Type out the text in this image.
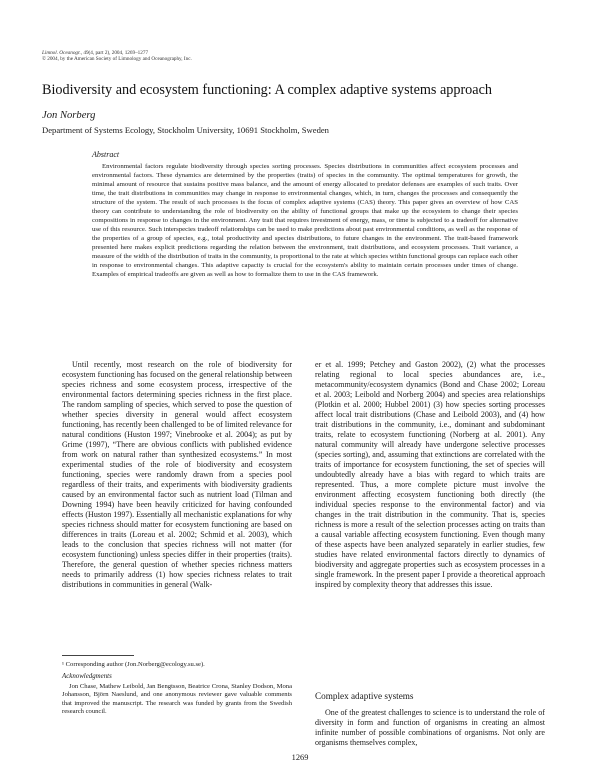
Limnol. Oceanogr., 49(4, part 2), 2004, 1269–1277
© 2004, by the American Society of Limnology and Oceanography, Inc.
Biodiversity and ecosystem functioning: A complex adaptive systems approach
Jon Norberg
Department of Systems Ecology, Stockholm University, 10691 Stockholm, Sweden
Abstract

Environmental factors regulate biodiversity through species sorting processes. Species distributions in communities affect ecosystem processes and environmental factors. These dynamics are determined by the properties (traits) of species in the community. The optimal temperatures for growth, the minimal amount of resource that sustains positive mass balance, and the amount of energy allocated to predator defenses are examples of such traits. Over time, the trait distributions in communities may change in response to environmental changes, which, in turn, changes the processes and consequently the structure of the system. The result of such processes is the focus of complex adaptive systems (CAS) theory. This paper gives an overview of how CAS theory can contribute to understanding the role of biodiversity on the ability of functional groups that make up the ecosystem to change their species compositions in response to changes in the environment. Any trait that requires investment of energy, mass, or time is subjected to a tradeoff for alternative use of this resource. Such interspecies tradeoff relationships can be used to make predictions about past environmental conditions, as well as the response of the properties of a group of species, e.g., total productivity and species distributions, to future changes in the environment. The trait-based framework presented here makes explicit predictions regarding the relation between the environment, trait distributions, and ecosystem processes. Trait variance, a measure of the width of the distribution of traits in the community, is proportional to the rate at which species within functional groups can replace each other in response to environmental changes. This adaptive capacity is crucial for the ecosystem's ability to maintain certain processes under times of change. Examples of empirical tradeoffs are given as well as how to formalize them to use in the CAS framework.

Until recently, most research on the role of biodiversity for ecosystem functioning has focused on the general relationship between species richness and some ecosystem process, irrespective of the environmental factors determining species richness in the first place. The random sampling of species, which served to pose the question of whether species diversity in general would affect ecosystem functioning, has recently been challenged to be of limited relevance for natural conditions (Huston 1997; Vinebrooke et al. 2004); as put by Grime (1997), “There are obvious conflicts with published evidence from work on natural rather than synthesized ecosystems.” In most experimental studies of the role of biodiversity and ecosystem functioning, species were randomly drawn from a species pool regardless of their traits, and experiments with biodiversity gradients caused by an environmental factor such as nutrient load (Tilman and Downing 1994) have been heavily criticized for having confounded effects (Huston 1997). Essentially all mechanistic explanations for why species richness should matter for ecosystem functioning are based on differences in traits (Loreau et al. 2002; Schmid et al. 2003), which leads to the conclusion that species richness will not matter (for ecosystem functioning) unless species differ in their properties (traits). Therefore, the general question of whether species richness matters needs to primarily address (1) how species richness relates to trait distributions in communities in general (Walk-

er et al. 1999; Petchey and Gaston 2002), (2) what the processes relating regional to local species abundances are, i.e., metacommunity/ecosystem dynamics (Bond and Chase 2002; Loreau et al. 2003; Leibold and Norberg 2004) and species area relationships (Plotkin et al. 2000; Hubbel 2001) (3) how species sorting processes affect local trait distributions (Chase and Leibold 2003), and (4) how trait distributions in the community, i.e., dominant and subdominant traits, relate to ecosystem functioning (Norberg at al. 2001). Any natural community will already have undergone selective processes (species sorting), and, assuming that extinctions are correlated with the traits of importance for ecosystem functioning, the set of species will undoubtedly already have a bias with regard to which traits are represented. Thus, a more complete picture must involve the environment affecting ecosystem functioning both directly (the individual species response to the environmental factor) and via changes in the trait distribution in the community. That is, species richness is more a result of the selection processes acting on traits than a causal variable affecting ecosystem functioning. Even though many of these aspects have been analyzed separately in earlier studies, few studies have related environmental factors directly to dynamics of biodiversity and aggregate properties such as ecosystem processes in a single framework. In the present paper I provide a theoretical approach inspired by complexity theory that addresses this issue.

¹ Corresponding author (Jon.Norberg@ecology.su.se).
Acknowledgments

Jon Chase, Mathew Leibold, Jan Bengtsson, Beatrice Crona, Stanley Dodson, Mona Johansson, Björn Naeslund, and one anonymous reviewer gave valuable comments that improved the manuscript. The research was funded by grants from the Swedish research council.

Complex adaptive systems

One of the greatest challenges to science is to understand the role of diversity in form and function of organisms in creating an almost infinite number of possible combinations of organisms. Not only are organisms themselves complex,

1269
